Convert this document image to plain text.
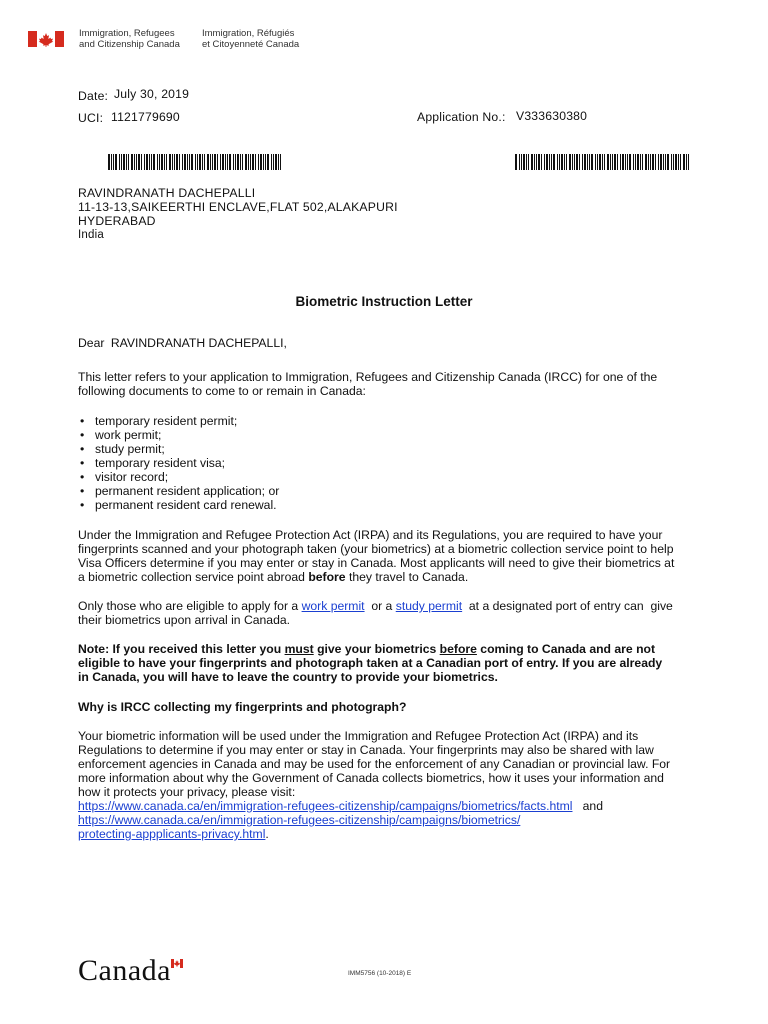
Immigration, Refugees
and Citizenship Canada
Immigration, Réfugiés
et Citoyenneté Canada
Date: July 30, 2019
UCI: 1121779690	Application No.: V333630380
RAVINDRANATH DACHEPALLI
11-13-13,SAIKEERTHI ENCLAVE,FLAT 502,ALAKAPURI
HYDERABAD
India
Biometric Instruction Letter
Dear RAVINDRANATH DACHEPALLI,
This letter refers to your application to Immigration, Refugees and Citizenship Canada (IRCC) for one of the
following documents to come to or remain in Canada:
• temporary resident permit;
• work permit;
• study permit;
• temporary resident visa;
• visitor record;
• permanent resident application; or
• permanent resident card renewal.
Under the Immigration and Refugee Protection Act (IRPA) and its Regulations, you are required to have your
fingerprints scanned and your photograph taken (your biometrics) at a biometric collection service point to help
Visa Officers determine if you may enter or stay in Canada. Most applicants will need to give their biometrics at
a biometric collection service point abroad before they travel to Canada.
Only those who are eligible to apply for a work permit  or a study permit  at a designated port of entry can  give
their biometrics upon arrival in Canada.
Note: If you received this letter you must give your biometrics before coming to Canada and are not
eligible to have your fingerprints and photograph taken at a Canadian port of entry. If you are already
in Canada, you will have to leave the country to provide your biometrics.
Why is IRCC collecting my fingerprints and photograph?
Your biometric information will be used under the Immigration and Refugee Protection Act (IRPA) and its
Regulations to determine if you may enter or stay in Canada. Your fingerprints may also be shared with law
enforcement agencies in Canada and may be used for the enforcement of any Canadian or provincial law. For
more information about why the Government of Canada collects biometrics, how it uses your information and
how it protects your privacy, please visit:
https://www.canada.ca/en/immigration-refugees-citizenship/campaigns/biometrics/facts.html and
https://www.canada.ca/en/immigration-refugees-citizenship/campaigns/biometrics/
protecting-appplicants-privacy.html.
Canada	IMM5756 (10-2018) E
